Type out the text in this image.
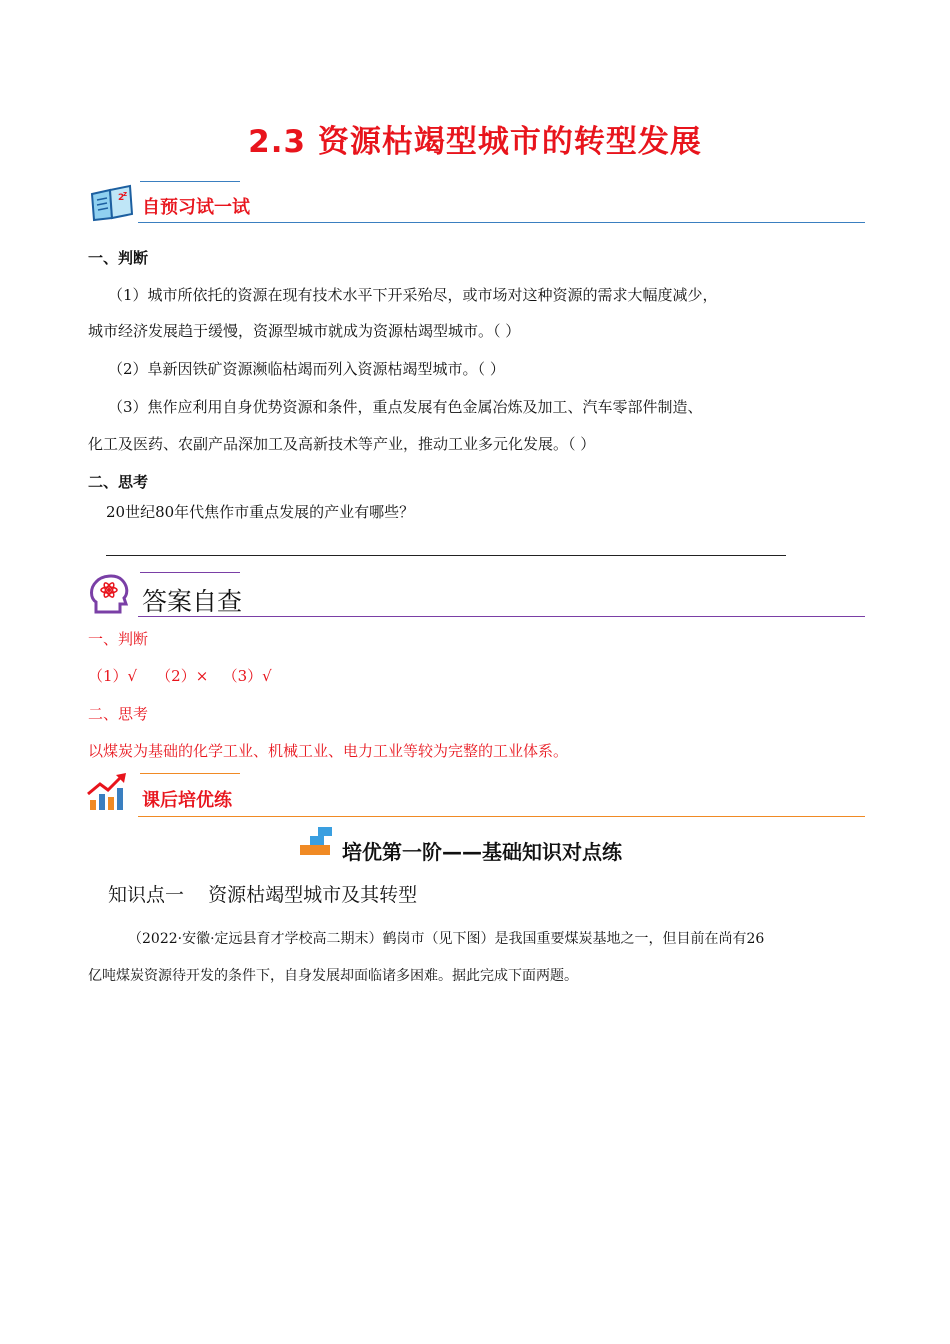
2.3 资源枯竭型城市的转型发展
2
z
自预习试一试
一、判断
（1）城市所依托的资源在现有技术水平下开采殆尽，或市场对这种资源的需求大幅度减少，
城市经济发展趋于缓慢，资源型城市就成为资源枯竭型城市。（ ）
（2）阜新因铁矿资源濒临枯竭而列入资源枯竭型城市。（ ）
（3）焦作应利用自身优势资源和条件，重点发展有色金属冶炼及加工、汽车零部件制造、
化工及医药、农副产品深加工及高新技术等产业，推动工业多元化发展。（ ）
二、思考
20世纪80年代焦作市重点发展的产业有哪些？
答案自查
一、判断
（1）√    （2）×   （3）√
二、思考
以煤炭为基础的化学工业、机械工业、电力工业等较为完整的工业体系。
课后培优练
培优第一阶——基础知识对点练
知识点一    资源枯竭型城市及其转型
（2022·安徽·定远县育才学校高二期末）鹤岗市（见下图）是我国重要煤炭基地之一，但目前在尚有26
亿吨煤炭资源待开发的条件下，自身发展却面临诸多困难。据此完成下面两题。
